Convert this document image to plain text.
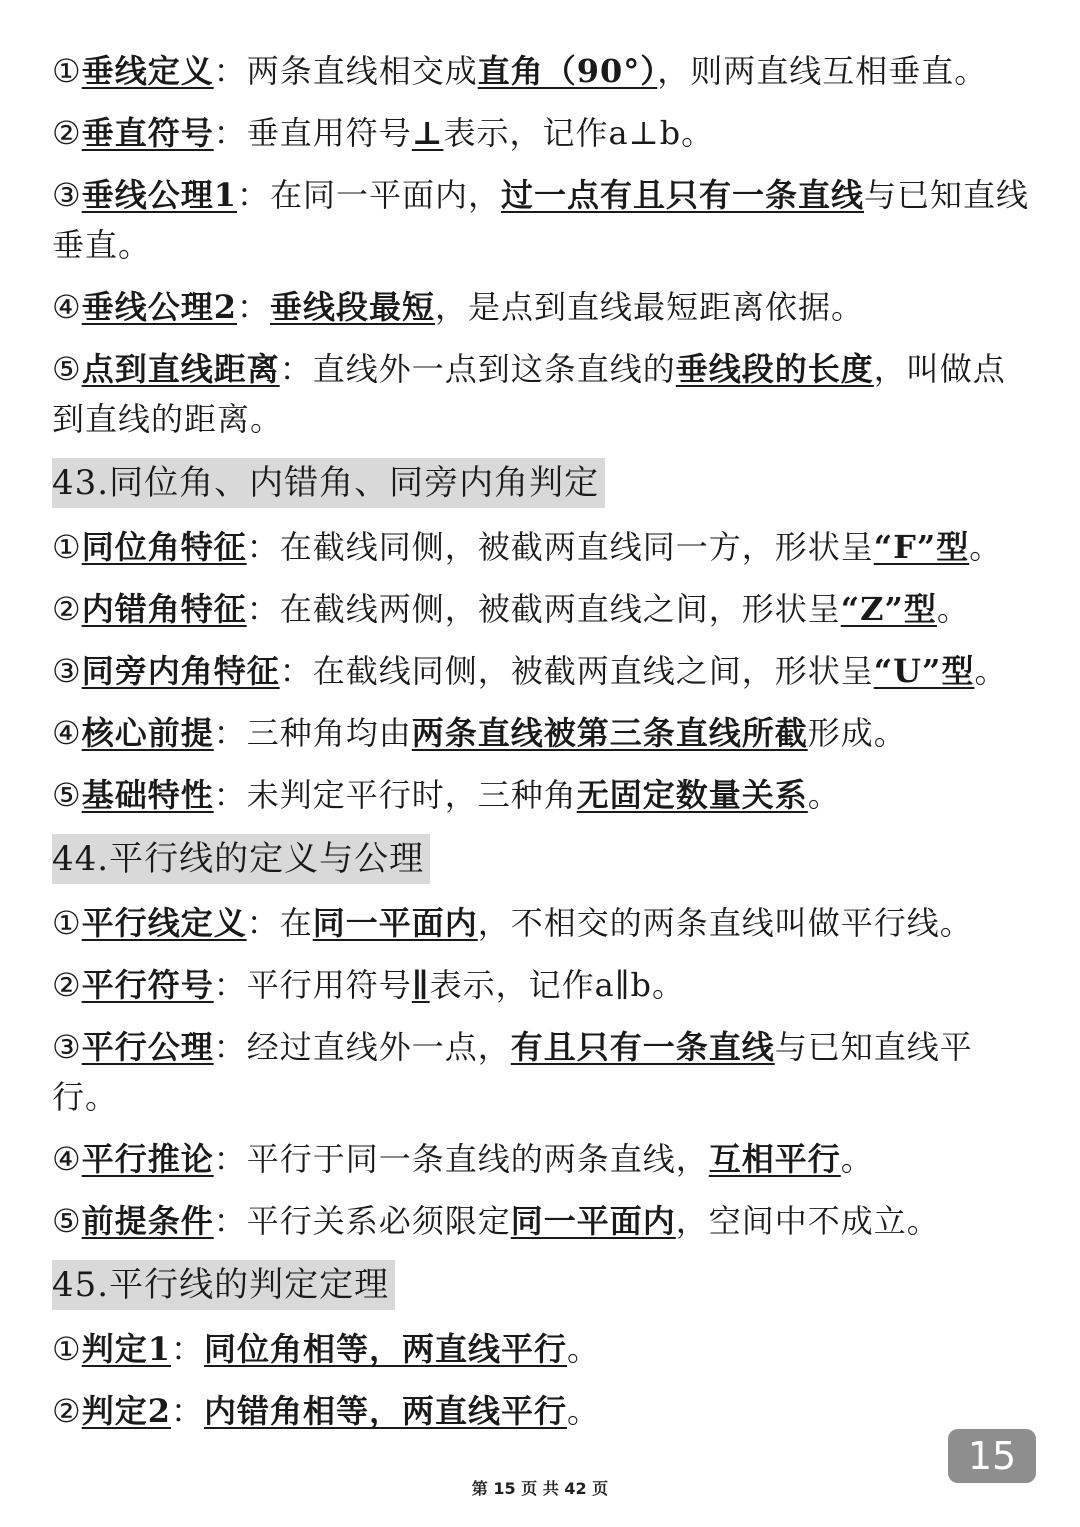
①垂线定义：两条直线相交成直角（90°），则两直线互相垂直。
②垂直符号：垂直用符号⊥表示，记作a⊥b。
③垂线公理1：在同一平面内，过一点有且只有一条直线与已知直线垂直。
④垂线公理2：垂线段最短，是点到直线最短距离依据。
⑤点到直线距离：直线外一点到这条直线的垂线段的长度，叫做点到直线的距离。
43.同位角、内错角、同旁内角判定
①同位角特征：在截线同侧，被截两直线同一方，形状呈“F”型。
②内错角特征：在截线两侧，被截两直线之间，形状呈“Z”型。
③同旁内角特征：在截线同侧，被截两直线之间，形状呈“U”型。
④核心前提：三种角均由两条直线被第三条直线所截形成。
⑤基础特性：未判定平行时，三种角无固定数量关系。
44.平行线的定义与公理
①平行线定义：在同一平面内，不相交的两条直线叫做平行线。
②平行符号：平行用符号∥表示，记作a∥b。
③平行公理：经过直线外一点，有且只有一条直线与已知直线平行。
④平行推论：平行于同一条直线的两条直线，互相平行。
⑤前提条件：平行关系必须限定同一平面内，空间中不成立。
45.平行线的判定定理
①判定1：同位角相等，两直线平行。
②判定2：内错角相等，两直线平行。
15
第 15 页 共 42 页
